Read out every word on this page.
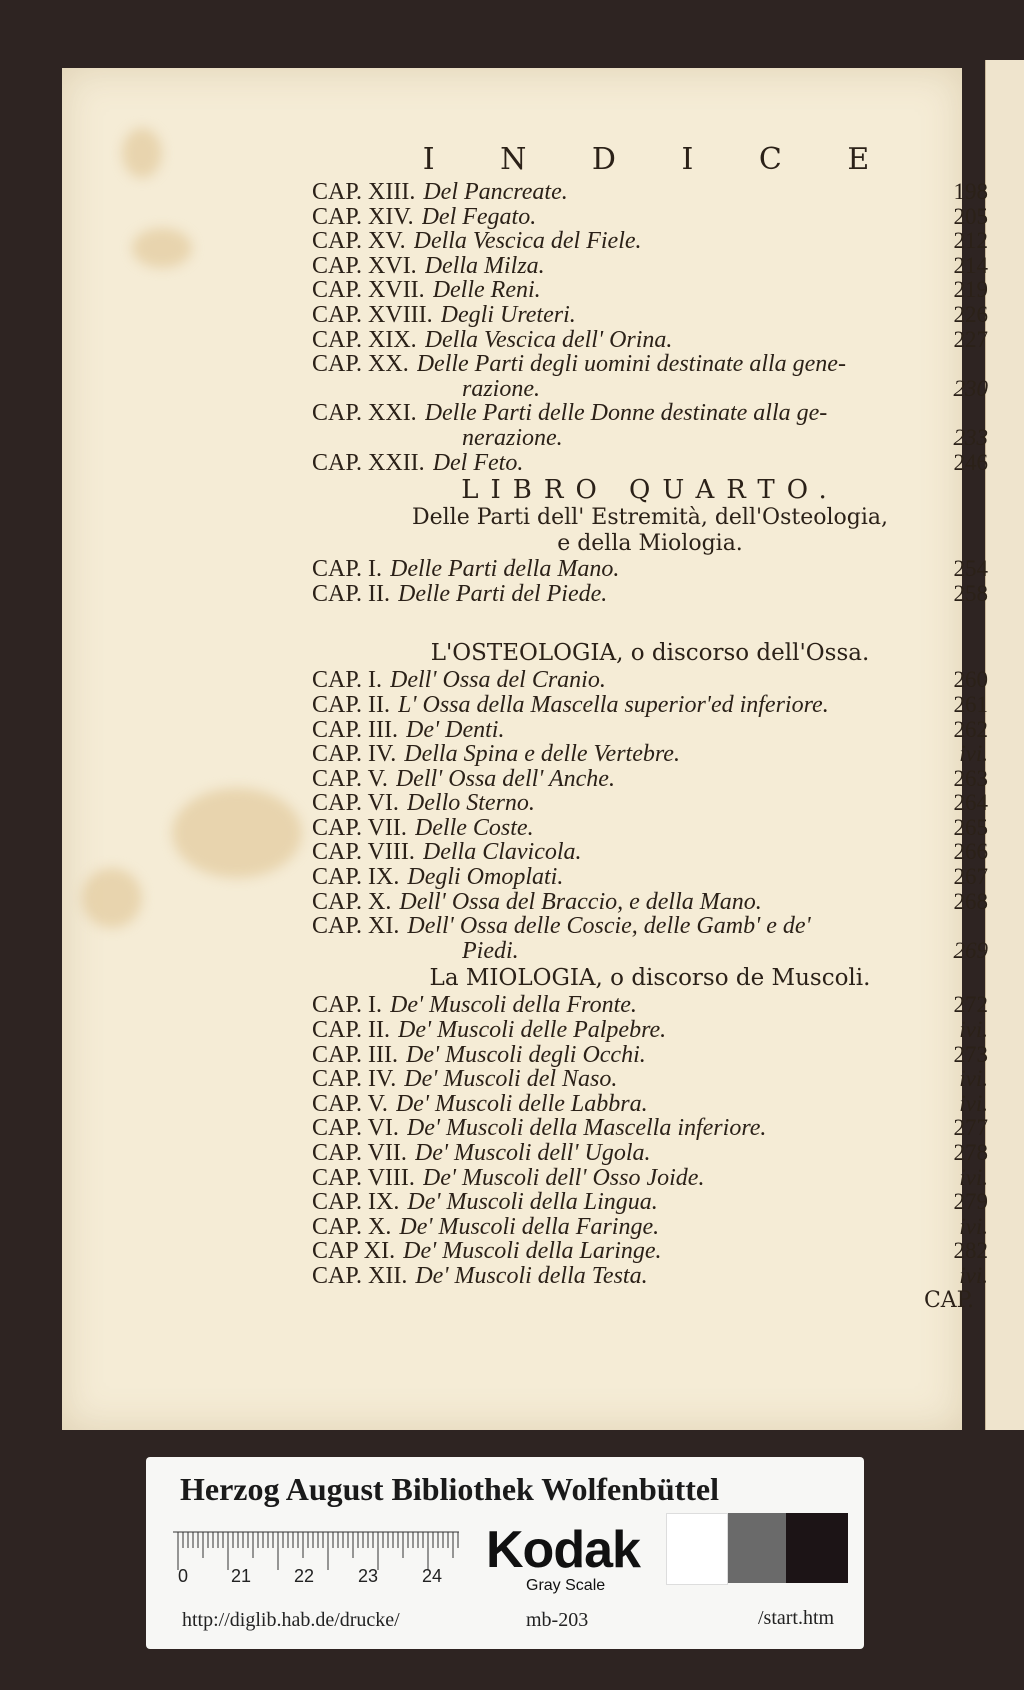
I N D I C E
CAP. XIII. Del Pancreate.	198
CAP. XIV. Del Fegato.	205
CAP. XV. Della Vescica del Fiele.	212
CAP. XVI. Della Milza.	214
CAP. XVII. Delle Reni.	219
CAP. XVIII. Degli Ureteri.	226
CAP. XIX. Della Vescica dell' Orina.	227
CAP. XX. Delle Parti degli uomini destinate alla gene-
razione.	230
CAP. XXI. Delle Parti delle Donne destinate alla ge-
nerazione.	233
CAP. XXII. Del Feto.	246
LIBRO QUARTO.
Delle Parti dell' Estremità, dell'Osteologia,
e della Miologia.
CAP. I. Delle Parti della Mano.	254
CAP. II. Delle Parti del Piede.	258
L'OSTEOLOGIA, o discorso dell'Ossa.
CAP. I. Dell' Ossa del Cranio.	260
CAP. II. L' Ossa della Mascella superior'ed inferiore.	261
CAP. III. De' Denti.	262
CAP. IV. Della Spina e delle Vertebre.	ivi.
CAP. V. Dell' Ossa dell' Anche.	263
CAP. VI. Dello Sterno.	264
CAP. VII. Delle Coste.	265
CAP. VIII. Della Clavicola.	266
CAP. IX. Degli Omoplati.	267
CAP. X. Dell' Ossa del Braccio, e della Mano.	268
CAP. XI. Dell' Ossa delle Coscie, delle Gamb' e de'
Piedi.	269
La MIOLOGIA, o discorso de Muscoli.
CAP. I. De' Muscoli della Fronte.	272
CAP. II. De' Muscoli delle Palpebre.	ivi.
CAP. III. De' Muscoli degli Occhi.	273
CAP. IV. De' Muscoli del Naso.	ivi.
CAP. V. De' Muscoli delle Labbra.	ivi.
CAP. VI. De' Muscoli della Mascella inferiore.	277
CAP. VII. De' Muscoli dell' Ugola.	278
CAP. VIII. De' Muscoli dell' Osso Joide.	ivi.
CAP. IX. De' Muscoli della Lingua.	279
CAP. X. De' Muscoli della Faringe.	ivi.
CAP XI. De' Muscoli della Laringe.	282
CAP. XII. De' Muscoli della Testa.	ivi.
CAP.
Herzog August Bibliothek Wolfenbüttel
0 21 22 23 24 Kodak
Gray Scale
http://diglib.hab.de/drucke/	mb-203	/start.htm
